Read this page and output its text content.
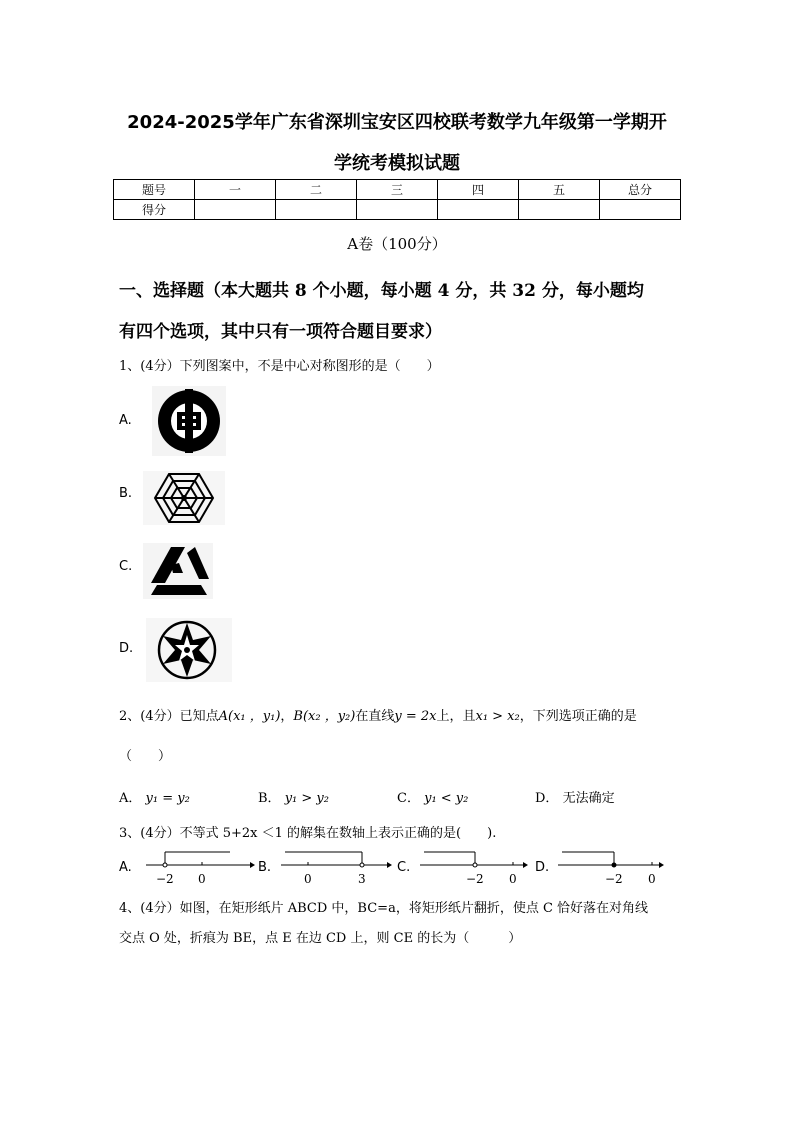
2024-2025学年广东省深圳宝安区四校联考数学九年级第一学期开
学统考模拟试题
题号	一	二	三	四	五	总分
得分						
A卷（100分）
一、选择题（本大题共 8 个小题，每小题 4 分，共 32 分，每小题均
有四个选项，其中只有一项符合题目要求）
1、(4分）下列图案中，不是中心对称图形的是（　　）
A.
B.
C.
D.
2、(4分）已知点A(x₁ ，y₁)，B(x₂ ，y₂)在直线y = 2x上，且x₁ > x₂，下列选项正确的是
（　　）
A． y₁ = y₂	B． y₁ > y₂	C． y₁ < y₂	D． 无法确定
3、(4分）不等式 5+2x ＜1 的解集在数轴上表示正确的是(　　).
A.
−2 0
B.
0	3
C.
−2 0
D.
−2 0
4、(4分）如图，在矩形纸片 ABCD 中，BC=a，将矩形纸片翻折，使点 C 恰好落在对角线
交点 O 处，折痕为 BE，点 E 在边 CD 上，则 CE 的长为（　　　）
